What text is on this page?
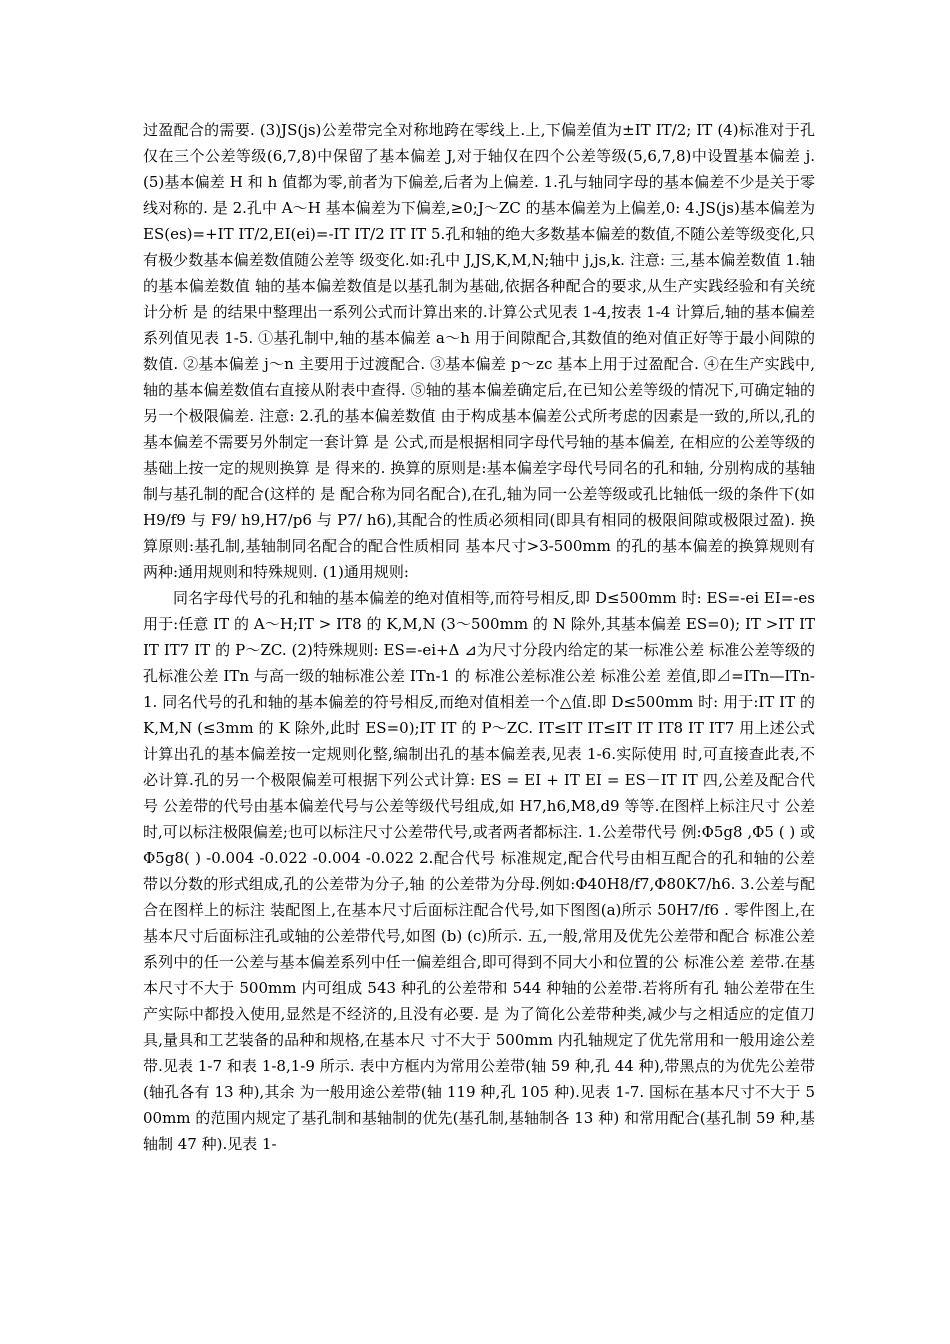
过盈配合的需要. (3)JS(js)公差带完全对称地跨在零线上.上,下偏差值为±IT IT/2; IT (4)标准对于孔仅在三个公差等级(6,7,8)中保留了基本偏差 J,对于轴仅在四个公差等级(5,6,7,8)中设置基本偏差 j. (5)基本偏差 H 和 h 值都为零,前者为下偏差,后者为上偏差. 1.孔与轴同字母的基本偏差不少是关于零线对称的. 是 2.孔中 A～H 基本偏差为下偏差,≥0;J～ZC 的基本偏差为上偏差,0: 4.JS(js)基本偏差为 ES(es)=+IT IT/2,EI(ei)=-IT IT/2 IT IT 5.孔和轴的绝大多数基本偏差的数值,不随公差等级变化,只有极少数基本偏差数值随公差等 级变化.如:孔中 J,JS,K,M,N;轴中 j,js,k. 注意: 三,基本偏差数值 1.轴的基本偏差数值 轴的基本偏差数值是以基孔制为基础,依据各种配合的要求,从生产实践经验和有关统计分析 是 的结果中整理出一系列公式而计算出来的.计算公式见表 1-4,按表 1-4 计算后,轴的基本偏差系列值见表 1-5. ①基孔制中,轴的基本偏差 a～h 用于间隙配合,其数值的绝对值正好等于最小间隙的数值. ②基本偏差 j～n 主要用于过渡配合. ③基本偏差 p～zc 基本上用于过盈配合. ④在生产实践中,轴的基本偏差数值右直接从附表中查得. ⑤轴的基本偏差确定后,在已知公差等级的情况下,可确定轴的另一个极限偏差. 注意: 2.孔的基本偏差数值 由于构成基本偏差公式所考虑的因素是一致的,所以,孔的基本偏差不需要另外制定一套计算 是 公式,而是根据相同字母代号轴的基本偏差, 在相应的公差等级的基础上按一定的规则换算 是 得来的. 换算的原则是:基本偏差字母代号同名的孔和轴, 分别构成的基轴制与基孔制的配合(这样的 是 配合称为同名配合),在孔,轴为同一公差等级或孔比轴低一级的条件下(如 H9/f9 与 F9/ h9,H7/p6 与 P7/ h6),其配合的性质必须相同(即具有相同的极限间隙或极限过盈). 换算原则:基孔制,基轴制同名配合的配合性质相同 基本尺寸>3-500mm 的孔的基本偏差的换算规则有两种:通用规则和特殊规则. (1)通用规则:

同名字母代号的孔和轴的基本偏差的绝对值相等,而符号相反,即 D≤500mm 时: ES=-ei EI=-es 用于:任意 IT 的 A～H;IT > IT8 的 K,M,N (3～500mm 的 N 除外,其基本偏差 ES=0); IT >IT IT IT IT7 IT 的 P～ZC. (2)特殊规则: ES=-ei+Δ ⊿为尺寸分段内给定的某一标准公差 标准公差等级的孔标准公差 ITn 与高一级的轴标准公差 ITn-1 的 标准公差标准公差 标准公差 差值,即⊿=ITn—ITn-1. 同名代号的孔和轴的基本偏差的符号相反,而绝对值相差一个△值.即 D≤500mm 时: 用于:IT IT 的 K,M,N (≤3mm 的 K 除外,此时 ES=0);IT IT 的 P～ZC. IT≤IT IT≤IT IT IT8 IT IT7 用上述公式计算出孔的基本偏差按一定规则化整,编制出孔的基本偏差表,见表 1-6.实际使用 时,可直接查此表,不必计算.孔的另一个极限偏差可根据下列公式计算: ES = EI + IT EI = ES－IT IT 四,公差及配合代号 公差带的代号由基本偏差代号与公差等级代号组成,如 H7,h6,M8,d9 等等.在图样上标注尺寸 公差时,可以标注极限偏差;也可以标注尺寸公差带代号,或者两者都标注. 1.公差带代号 例:Φ5g8 ,Φ5 ( ) 或 Φ5g8( ) -0.004 -0.022 -0.004 -0.022 2.配合代号 标准规定,配合代号由相互配合的孔和轴的公差带以分数的形式组成,孔的公差带为分子,轴 的公差带为分母.例如:Φ40H8/f7,Φ80K7/h6. 3.公差与配合在图样上的标注 装配图上,在基本尺寸后面标注配合代号,如下图图(a)所示 50H7/f6 . 零件图上,在基本尺寸后面标注孔或轴的公差带代号,如图 (b) (c)所示. 五,一般,常用及优先公差带和配合 标准公差系列中的任一公差与基本偏差系列中任一偏差组合,即可得到不同大小和位置的公 标准公差 差带.在基本尺寸不大于 500mm 内可组成 543 种孔的公差带和 544 种轴的公差带.若将所有孔 轴公差带在生产实际中都投入使用,显然是不经济的,且没有必要. 是 为了简化公差带种类,减少与之相适应的定值刀具,量具和工艺装备的品种和规格,在基本尺 寸不大于 500mm 内孔轴规定了优先常用和一般用途公差带.见表 1-7 和表 1-8,1-9 所示. 表中方框内为常用公差带(轴 59 种,孔 44 种),带黑点的为优先公差带(轴孔各有 13 种),其余 为一般用途公差带(轴 119 种,孔 105 种).见表 1-7. 国标在基本尺寸不大于 500mm 的范围内规定了基孔制和基轴制的优先(基孔制,基轴制各 13 种) 和常用配合(基孔制 59 种,基轴制 47 种).见表 1-
